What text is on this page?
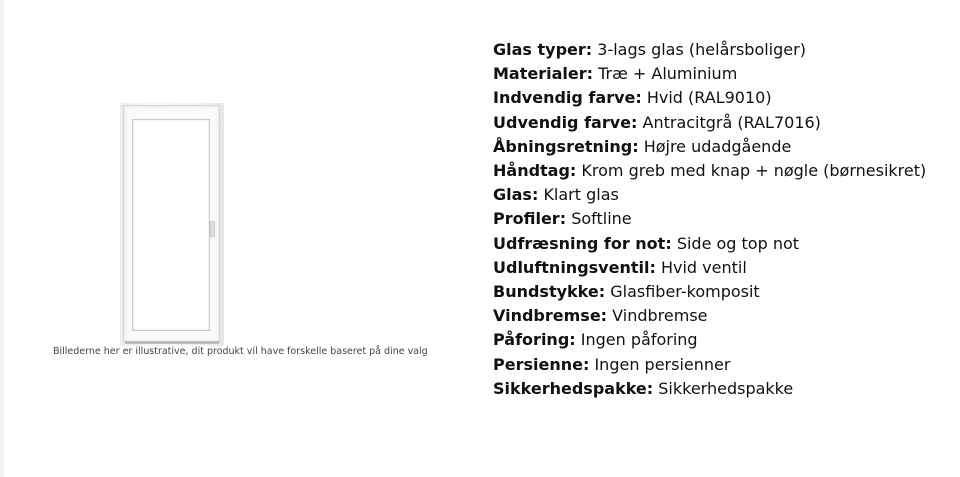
Billederne her er illustrative, dit produkt vil have forskelle baseret på dine valg

Glas typer: 3-lags glas (helårsboliger)

Materialer: Træ + Aluminium

Indvendig farve: Hvid (RAL9010)

Udvendig farve: Antracitgrå (RAL7016)

Åbningsretning: Højre udadgående

Håndtag: Krom greb med knap + nøgle (børnesikret)

Glas: Klart glas

Profiler: Softline

Udfræsning for not: Side og top not

Udluftningsventil: Hvid ventil

Bundstykke: Glasfiber-komposit

Vindbremse: Vindbremse

Påforing: Ingen påforing

Persienne: Ingen persienner

Sikkerhedspakke: Sikkerhedspakke
